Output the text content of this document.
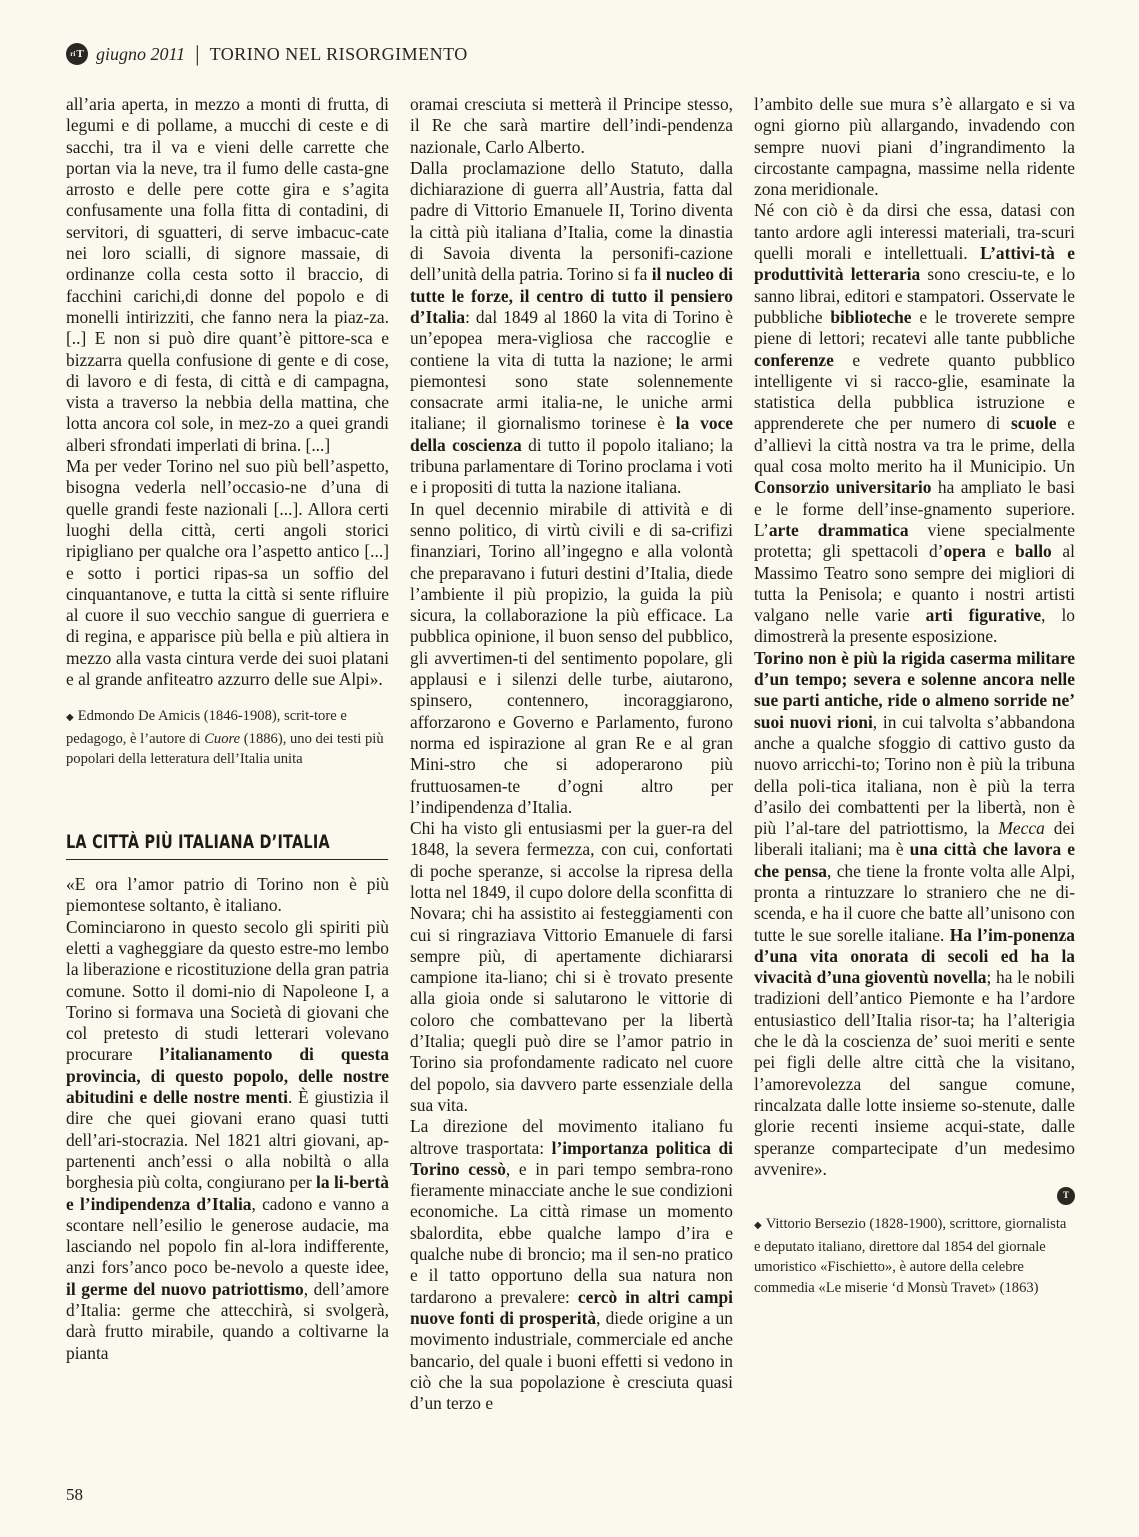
ri T giugno 2011 | TORINO NEL RISORGIMENTO

all’aria aperta, in mezzo a monti di frutta, di legumi e di pollame, a mucchi di ceste e di sacchi, tra il va e vieni delle carrette che portan via la neve, tra il fumo delle casta-gne arrosto e delle pere cotte gira e s’agita confusamente una folla fitta di contadini, di servitori, di sguatteri, di serve imbacuc-cate nei loro scialli, di signore massaie, di ordinanze colla cesta sotto il braccio, di facchini carichi,di donne del popolo e di monelli intirizziti, che fanno nera la piaz-za. [..] E non si può dire quant’è pittore-sca e bizzarra quella confusione di gente e di cose, di lavoro e di festa, di città e di campagna, vista a traverso la nebbia della mattina, che lotta ancora col sole, in mez-zo a quei grandi alberi sfrondati imperlati di brina. [...]

Ma per veder Torino nel suo più bell’aspetto, bisogna vederla nell’occasio-ne d’una di quelle grandi feste nazionali [...]. Allora certi luoghi della città, certi angoli storici ripigliano per qualche ora l’aspetto antico [...] e sotto i portici ripas-sa un soffio del cinquantanove, e tutta la città si sente rifluire al cuore il suo vecchio sangue di guerriera e di regina, e apparisce più bella e più altiera in mezzo alla vasta cintura verde dei suoi platani e al grande anfiteatro azzurro delle sue Alpi».

◆ Edmondo De Amicis (1846-1908), scrit-tore e pedagogo, è l’autore di Cuore (1886), uno dei testi più popolari della letteratura dell’Italia unita
LA CITTÀ PIÙ ITALIANA D’ITALIA

«E ora l’amor patrio di Torino non è più piemontese soltanto, è italiano.

Cominciarono in questo secolo gli spiriti più eletti a vagheggiare da questo estre-mo lembo la liberazione e ricostituzione della gran patria comune. Sotto il domi-nio di Napoleone I, a Torino si formava una Società di giovani che col pretesto di studi letterari volevano procurare l’italianamento di questa provincia, di questo popolo, delle nostre abitudini e delle nostre menti. È giustizia il dire che quei giovani erano quasi tutti dell’ari-stocrazia. Nel 1821 altri giovani, ap-partenenti anch’essi o alla nobiltà o alla borghesia più colta, congiurano per la li-bertà e l’indipendenza d’Italia, cadono e vanno a scontare nell’esilio le generose audacie, ma lasciando nel popolo fin al-lora indifferente, anzi fors’anco poco be-nevolo a queste idee, il germe del nuovo patriottismo, dell’amore d’Italia: germe che attecchirà, si svolgerà, darà frutto mirabile, quando a coltivarne la pianta

oramai cresciuta si metterà il Principe stesso, il Re che sarà martire dell’indi-pendenza nazionale, Carlo Alberto.

Dalla proclamazione dello Statuto, dalla dichiarazione di guerra all’Austria, fatta dal padre di Vittorio Emanuele II, Torino diventa la città più italiana d’Italia, come la dinastia di Savoia diventa la personifi-cazione dell’unità della patria. Torino si fa il nucleo di tutte le forze, il centro di tutto il pensiero d’Italia: dal 1849 al 1860 la vita di Torino è un’epopea mera-vigliosa che raccoglie e contiene la vita di tutta la nazione; le armi piemontesi sono state solennemente consacrate armi italia-ne, le uniche armi italiane; il giornalismo torinese è la voce della coscienza di tutto il popolo italiano; la tribuna parlamentare di Torino proclama i voti e i propositi di tutta la nazione italiana.

In quel decennio mirabile di attività e di senno politico, di virtù civili e di sa-crifizi finanziari, Torino all’ingegno e alla volontà che preparavano i futuri destini d’Italia, diede l’ambiente il più propizio, la guida la più sicura, la collaborazione la più efficace. La pubblica opinione, il buon senso del pubblico, gli avvertimen-ti del sentimento popolare, gli applausi e i silenzi delle turbe, aiutarono, spinsero, contennero, incoraggiarono, afforzarono e Governo e Parlamento, furono norma ed ispirazione al gran Re e al gran Mini-stro che si adoperarono più fruttuosamen-te d’ogni altro per l’indipendenza d’Italia.

Chi ha visto gli entusiasmi per la guer-ra del 1848, la severa fermezza, con cui, confortati di poche speranze, si accolse la ripresa della lotta nel 1849, il cupo dolore della sconfitta di Novara; chi ha assistito ai festeggiamenti con cui si ringraziava Vittorio Emanuele di farsi sempre più, di apertamente dichiararsi campione ita-liano; chi si è trovato presente alla gioia onde si salutarono le vittorie di coloro che combattevano per la libertà d’Italia; quegli può dire se l’amor patrio in Torino sia profondamente radicato nel cuore del popolo, sia davvero parte essenziale della sua vita.

La direzione del movimento italiano fu altrove trasportata: l’importanza politica di Torino cessò, e in pari tempo sembra-rono fieramente minacciate anche le sue condizioni economiche. La città rimase un momento sbalordita, ebbe qualche lampo d’ira e qualche nube di broncio; ma il sen-no pratico e il tatto opportuno della sua natura non tardarono a prevalere: cercò in altri campi nuove fonti di prosperità, diede origine a un movimento industriale, commerciale ed anche bancario, del quale i buoni effetti si vedono in ciò che la sua popolazione è cresciuta quasi d’un terzo e

l’ambito delle sue mura s’è allargato e si va ogni giorno più allargando, invadendo con sempre nuovi piani d’ingrandimento la circostante campagna, massime nella ridente zona meridionale.

Né con ciò è da dirsi che essa, datasi con tanto ardore agli interessi materiali, tra-scuri quelli morali e intellettuali. L’attivi-tà e produttività letteraria sono cresciu-te, e lo sanno librai, editori e stampatori. Osservate le pubbliche biblioteche e le troverete sempre piene di lettori; recatevi alle tante pubbliche conferenze e vedrete quanto pubblico intelligente vi si racco-glie, esaminate la statistica della pubblica istruzione e apprenderete che per numero di scuole e d’allievi la città nostra va tra le prime, della qual cosa molto merito ha il Municipio. Un Consorzio universitario ha ampliato le basi e le forme dell’inse-gnamento superiore. L’arte drammatica viene specialmente protetta; gli spettacoli d’opera e ballo al Massimo Teatro sono sempre dei migliori di tutta la Penisola; e quanto i nostri artisti valgano nelle varie arti figurative, lo dimostrerà la presente esposizione.

Torino non è più la rigida caserma militare d’un tempo; severa e solenne ancora nelle sue parti antiche, ride o almeno sorride ne’ suoi nuovi rioni, in cui talvolta s’abbandona anche a qualche sfoggio di cattivo gusto da nuovo arricchi-to; Torino non è più la tribuna della poli-tica italiana, non è più la terra d’asilo dei combattenti per la libertà, non è più l’al-tare del patriottismo, la Mecca dei liberali italiani; ma è una città che lavora e che pensa, che tiene la fronte volta alle Alpi, pronta a rintuzzare lo straniero che ne di-scenda, e ha il cuore che batte all’unisono con tutte le sue sorelle italiane. Ha l’im-ponenza d’una vita onorata di secoli ed ha la vivacità d’una gioventù novella; ha le nobili tradizioni dell’antico Piemonte e ha l’ardore entusiastico dell’Italia risor-ta; ha l’alterigia che le dà la coscienza de’ suoi meriti e sente pei figli delle altre città che la visitano, l’amorevolezza del sangue comune, rincalzata dalle lotte insieme so-stenute, dalle glorie recenti insieme acqui-state, dalle speranze compartecipate d’un medesimo avvenire».

T
◆ Vittorio Bersezio (1828-1900), scrittore, giornalista e deputato italiano, direttore dal 1854 del giornale umoristico «Fischietto», è autore della celebre commedia «Le miserie ‘d Monsù Travet» (1863)
58
